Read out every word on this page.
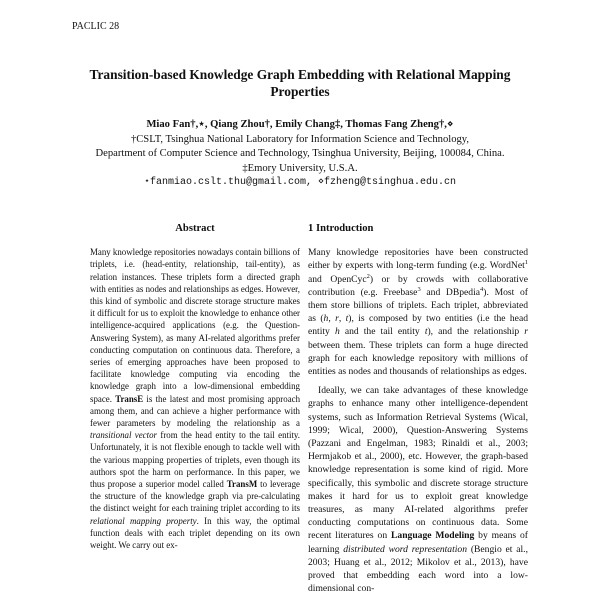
PACLIC 28
Transition-based Knowledge Graph Embedding with Relational Mapping Properties
Miao Fan†,⋆, Qiang Zhou†, Emily Chang‡, Thomas Fang Zheng†,⋄
†CSLT, Tsinghua National Laboratory for Information Science and Technology,
Department of Computer Science and Technology, Tsinghua University, Beijing, 100084, China.
‡Emory University, U.S.A.
⋆fanmiao.cslt.thu@gmail.com, ⋄fzheng@tsinghua.edu.cn
Abstract

Many knowledge repositories nowadays contain billions of triplets, i.e. (head-entity, relationship, tail-entity), as relation instances. These triplets form a directed graph with entities as nodes and relationships as edges. However, this kind of symbolic and discrete storage structure makes it difficult for us to exploit the knowledge to enhance other intelligence-acquired applications (e.g. the Question-Answering System), as many AI-related algorithms prefer conducting computation on continuous data. Therefore, a series of emerging approaches have been proposed to facilitate knowledge computing via encoding the knowledge graph into a low-dimensional embedding space. TransE is the latest and most promising approach among them, and can achieve a higher performance with fewer parameters by modeling the relationship as a transitional vector from the head entity to the tail entity. Unfortunately, it is not flexible enough to tackle well with the various mapping properties of triplets, even though its authors spot the harm on performance. In this paper, we thus propose a superior model called TransM to leverage the structure of the knowledge graph via pre-calculating the distinct weight for each training triplet according to its relational mapping property. In this way, the optimal function deals with each triplet depending on its own weight. We carry out ex-

1 Introduction

Many knowledge repositories have been constructed either by experts with long-term funding (e.g. WordNet$^1$ and OpenCyc$^2$) or by crowds with collaborative contribution (e.g. Freebase$^3$ and DBpedia$^4$). Most of them store billions of triplets. Each triplet, abbreviated as (h, r, t), is composed by two entities (i.e the head entity h and the tail entity t), and the relationship r between them. These triplets can form a huge directed graph for each knowledge repository with millions of entities as nodes and thousands of relationships as edges.

Ideally, we can take advantages of these knowledge graphs to enhance many other intelligence-dependent systems, such as Information Retrieval Systems (Wical, 1999; Wical, 2000), Question-Answering Systems (Pazzani and Engelman, 1983; Rinaldi et al., 2003; Hermjakob et al., 2000), etc. However, the graph-based knowledge representation is some kind of rigid. More specifically, this symbolic and discrete storage structure makes it hard for us to exploit great knowledge treasures, as many AI-related algorithms prefer conducting computations on continuous data. Some recent literatures on Language Modeling by means of learning distributed word representation (Bengio et al., 2003; Huang et al., 2012; Mikolov et al., 2013), have proved that embedding each word into a low-dimensional con-
